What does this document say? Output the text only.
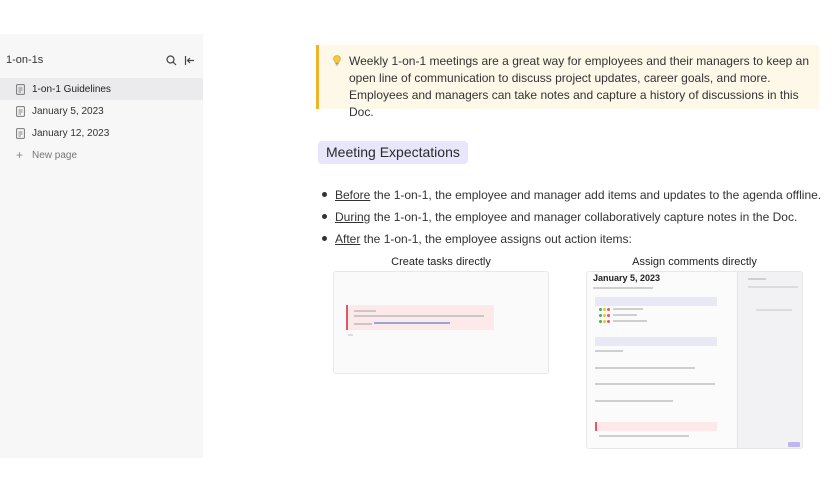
1-on-1s
1-on-1 Guidelines
January 5, 2023
January 12, 2023
+ New page
Weekly 1-on-1 meetings are a great way for employees and their managers to keep an open line of communication to discuss project updates, career goals, and more. Employees and managers can take notes and capture a history of discussions in this Doc.
Meeting Expectations
Before the 1-on-1, the employee and manager add items and updates to the agenda offline.
During the 1-on-1, the employee and manager collaboratively capture notes in the Doc.
After the 1-on-1, the employee assigns out action items:
Create tasks directly	Assign comments directly
January 5, 2023
